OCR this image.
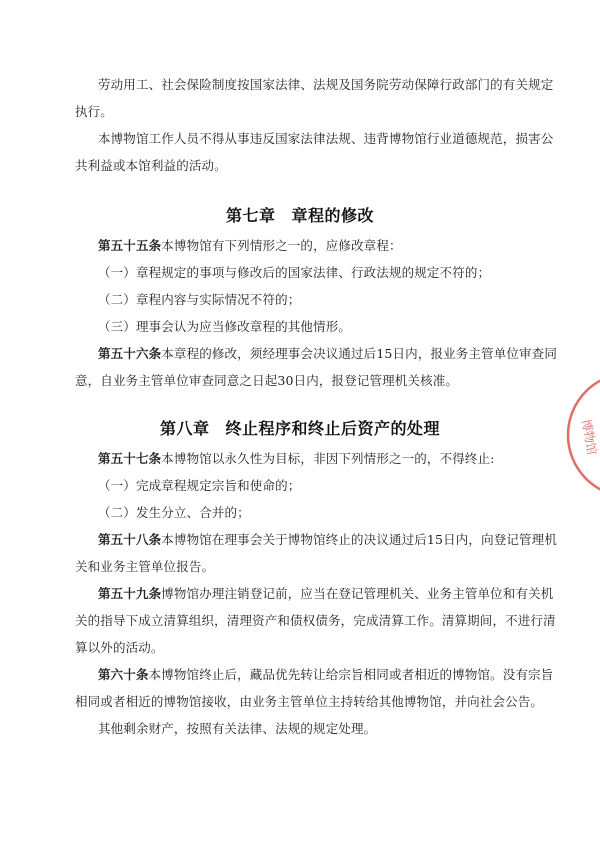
劳动用工、社会保险制度按国家法律、法规及国务院劳动保障行政部门的有关规定
执行。
本博物馆工作人员不得从事违反国家法律法规、违背博物馆行业道德规范，损害公
共利益或本馆利益的活动。
第七章 章程的修改
第五十五条本博物馆有下列情形之一的，应修改章程：
（一）章程规定的事项与修改后的国家法律、行政法规的规定不符的；
（二）章程内容与实际情况不符的；
（三）理事会认为应当修改章程的其他情形。
第五十六条本章程的修改，须经理事会决议通过后15日内，报业务主管单位审查同
意，自业务主管单位审查同意之日起30日内，报登记管理机关核准。
第八章 终止程序和终止后资产的处理
第五十七条本博物馆以永久性为目标，非因下列情形之一的，不得终止:
（一）完成章程规定宗旨和使命的；
（二）发生分立、合并的；
第五十八条本博物馆在理事会关于博物馆终止的决议通过后15日内，向登记管理机
关和业务主管单位报告。
第五十九条博物馆办理注销登记前，应当在登记管理机关、业务主管单位和有关机
关的指导下成立清算组织，清理资产和债权债务，完成清算工作。清算期间，不进行清
算以外的活动。
第六十条本博物馆终止后，藏品优先转让给宗旨相同或者相近的博物馆。没有宗旨
相同或者相近的博物馆接收，由业务主管单位主持转给其他博物馆，并向社会公告。
其他剩余财产，按照有关法律、法规的规定处理。
博物馆
